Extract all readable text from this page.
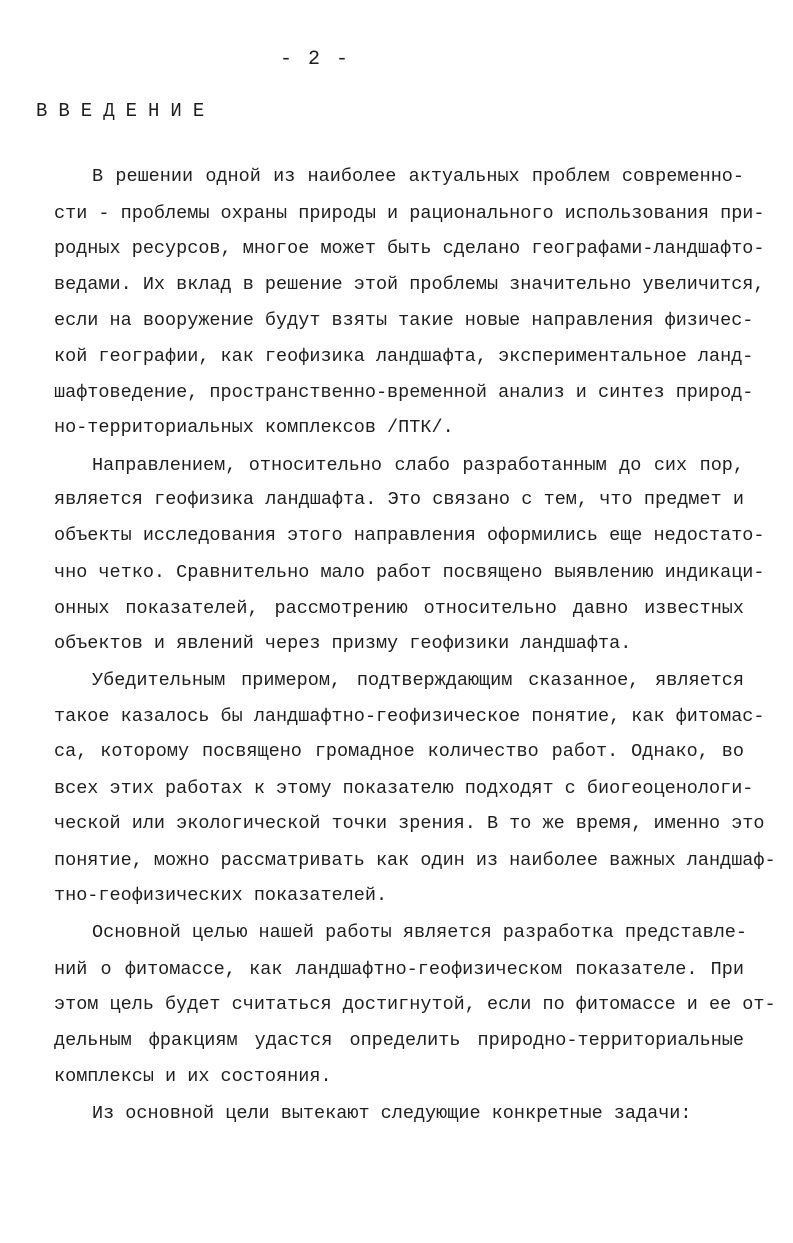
- 2 -
ВВЕДЕНИЕ
В решении одной из наиболее актуальных проблем современно-
сти - проблемы охраны природы и рационального использования при-
родных ресурсов, многое может быть сделано географами-ландшафто-
ведами. Их вклад в решение этой проблемы значительно увеличится,
если на вооружение будут взяты такие новые направления физичес-
кой географии, как геофизика ландшафта, экспериментальное ланд-
шафтоведение, пространственно-временной анализ и синтез природ-
но-территориальных комплексов /ПТК/.
Направлением, относительно слабо разработанным до сих пор,
является геофизика ландшафта. Это связано с тем, что предмет и
объекты исследования этого направления оформились еще недостато-
чно четко. Сравнительно мало работ посвящено выявлению индикаци-
онных показателей, рассмотрению относительно давно известных
объектов и явлений через призму геофизики ландшафта.
Убедительным примером, подтверждающим сказанное, является
такое казалось бы ландшафтно-геофизическое понятие, как фитомас-
са, которому посвящено громадное количество работ. Однако, во
всех этих работах к этому показателю подходят с биогеоценологи-
ческой или экологической точки зрения. В то же время, именно это
понятие, можно рассматривать как один из наиболее важных ландшаф-
тно-геофизических показателей.
Основной целью нашей работы является разработка представле-
ний о фитомассе, как ландшафтно-геофизическом показателе. При
этом цель будет считаться достигнутой, если по фитомассе и ее от-
дельным фракциям удастся определить природно-территориальные
комплексы и их состояния.
Из основной цели вытекают следующие конкретные задачи:
